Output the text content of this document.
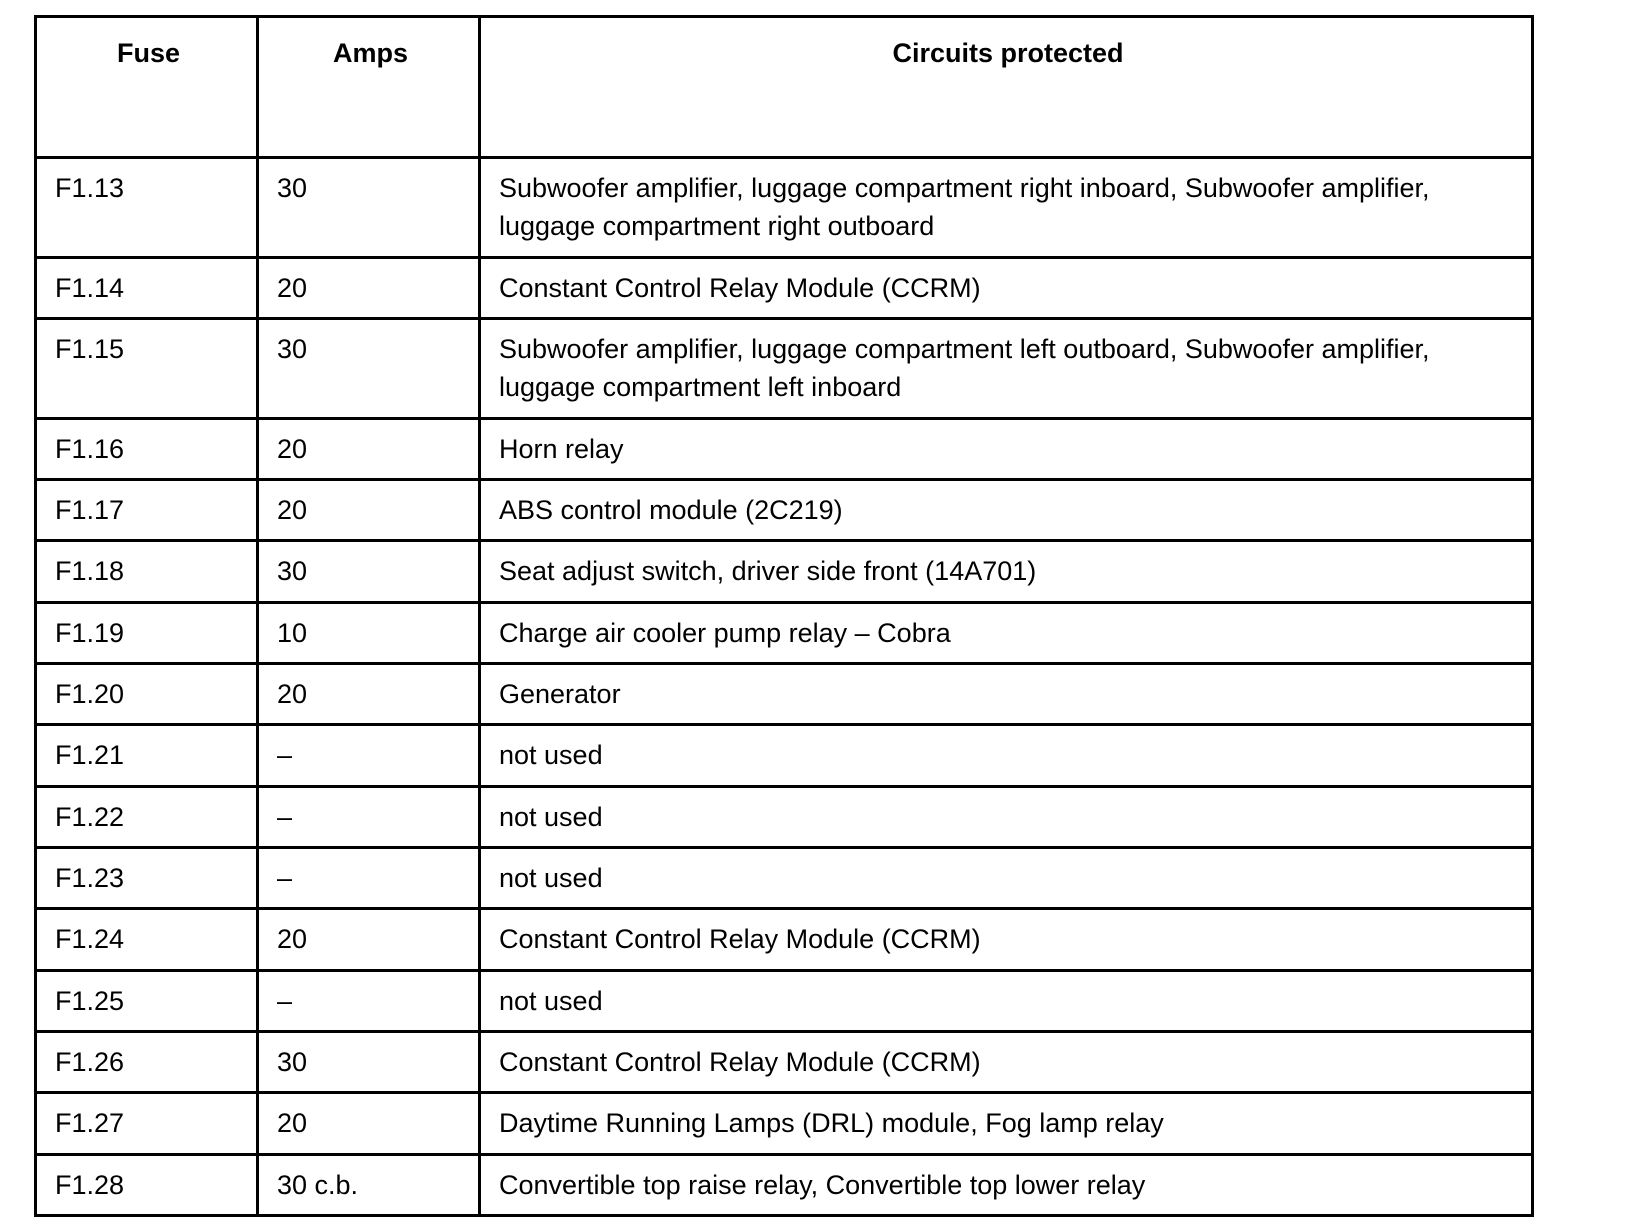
Fuse	Amps	Circuits protected
F1.13	30	Subwoofer amplifier, luggage compartment right inboard, Subwoofer amplifier, luggage compartment right outboard
F1.14	20	Constant Control Relay Module (CCRM)
F1.15	30	Subwoofer amplifier, luggage compartment left outboard, Subwoofer amplifier, luggage compartment left inboard
F1.16	20	Horn relay
F1.17	20	ABS control module (2C219)
F1.18	30	Seat adjust switch, driver side front (14A701)
F1.19	10	Charge air cooler pump relay – Cobra
F1.20	20	Generator
F1.21	–	not used
F1.22	–	not used
F1.23	–	not used
F1.24	20	Constant Control Relay Module (CCRM)
F1.25	–	not used
F1.26	30	Constant Control Relay Module (CCRM)
F1.27	20	Daytime Running Lamps (DRL) module, Fog lamp relay
F1.28	30 c.b.	Convertible top raise relay, Convertible top lower relay
